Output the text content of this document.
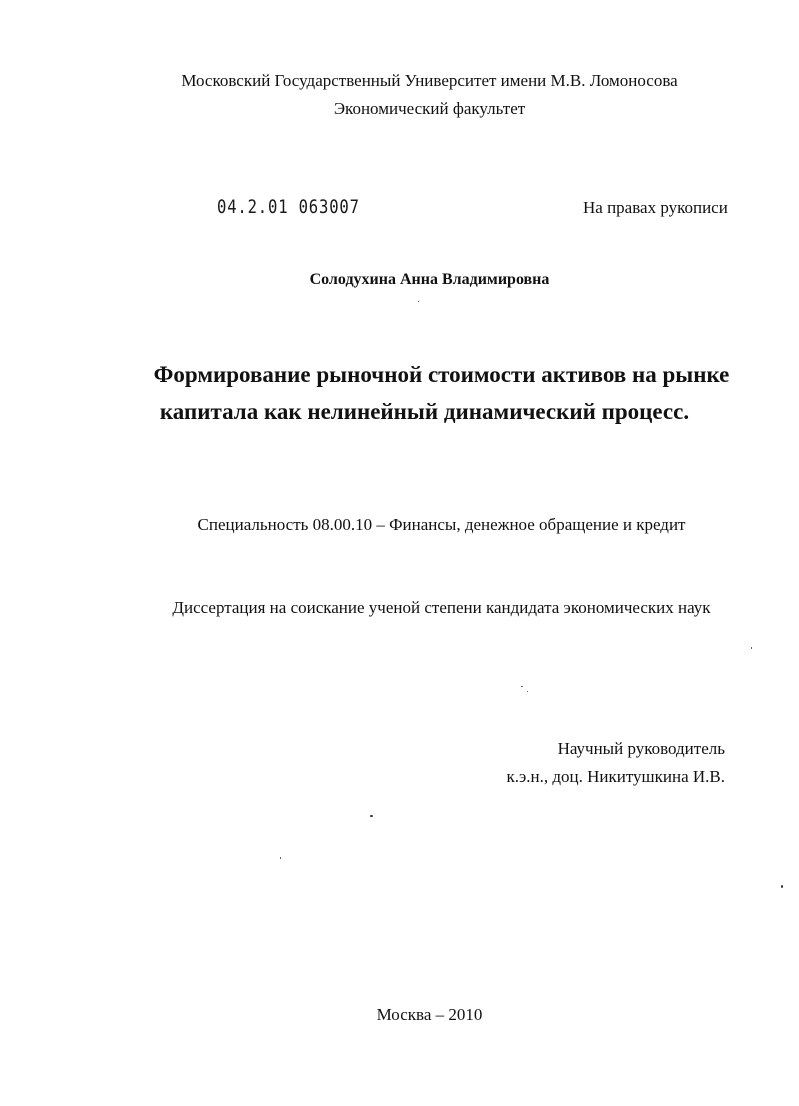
Московский Государственный Университет имени М.В. Ломоносова
Экономический факультет
04.2.01 063007	На правах рукописи
Солодухина Анна Владимировна
Формирование рыночной стоимости активов на рынке
капитала как нелинейный динамический процесс.
Специальность 08.00.10 – Финансы, денежное обращение и кредит
Диссертация на соискание ученой степени кандидата экономических наук
Научный руководитель
к.э.н., доц. Никитушкина И.В.
Москва – 2010
